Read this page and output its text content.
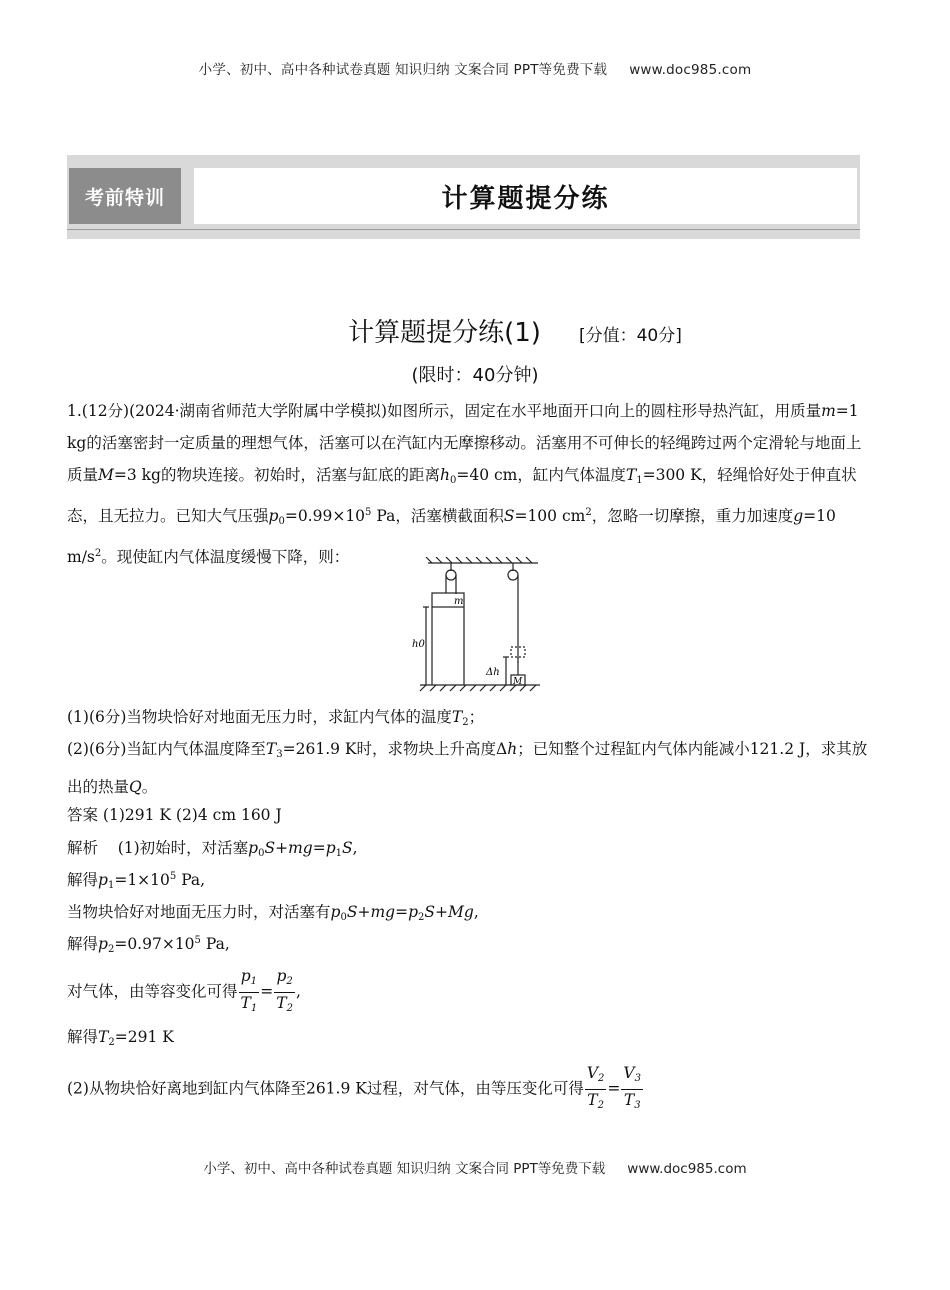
小学、初中、高中各种试卷真题 知识归纳 文案合同 PPT等免费下载 www.doc985.com
考前特训	计算题提分练
计算题提分练(1) [分值：40分]
(限时：40分钟)

1.(12分)(2024·湖南省师范大学附属中学模拟)如图所示，固定在水平地面开口向上的圆柱形导热汽缸，用质量m=1 kg的活塞密封一定质量的理想气体，活塞可以在汽缸内无摩擦移动。活塞用不可伸长的轻绳跨过两个定滑轮与地面上质量M=3 kg的物块连接。初始时，活塞与缸底的距离$h_0=40$ cm，缸内气体温度$T_1=300$ K，轻绳恰好处于伸直状态，且无拉力。已知大气压强$p_0=0.99\times 10^5$ Pa，活塞横截面积S=100 $cm^2$，忽略一切摩擦，重力加速度g=10 $m/s^2$。现使缸内气体温度缓慢下降，则：

m
h0
Δh
M
(1)(6分)当物块恰好对地面无压力时，求缸内气体的温度$T_2$；

(2)(6分)当缸内气体温度降至$T_3=261.9$ K时，求物块上升高度Δh；已知整个过程缸内气体内能减小121.2 J，求其放出的热量Q。

答案 (1)291 K (2)4 cm 160 J
解析    (1)初始时，对活塞$p_0S+mg=p_1S$,
解得$p_1=1\times 10^5$ Pa,
当物块恰好对地面无压力时，对活塞有$p_0S+mg=p_2S+Mg$,
解得$p_2=0.97\times 10^5$ Pa,
对气体，由等容变化可得 $\frac{p_1}{T_1} = \frac{p_2}{T_2}$ ,
解得$T_2=291$ K
(2)从物块恰好离地到缸内气体降至261.9 K过程，对气体，由等压变化可得 $\frac{V_2}{T_2} = \frac{V_3}{T_3}$
小学、初中、高中各种试卷真题 知识归纳 文案合同 PPT等免费下载 www.doc985.com
